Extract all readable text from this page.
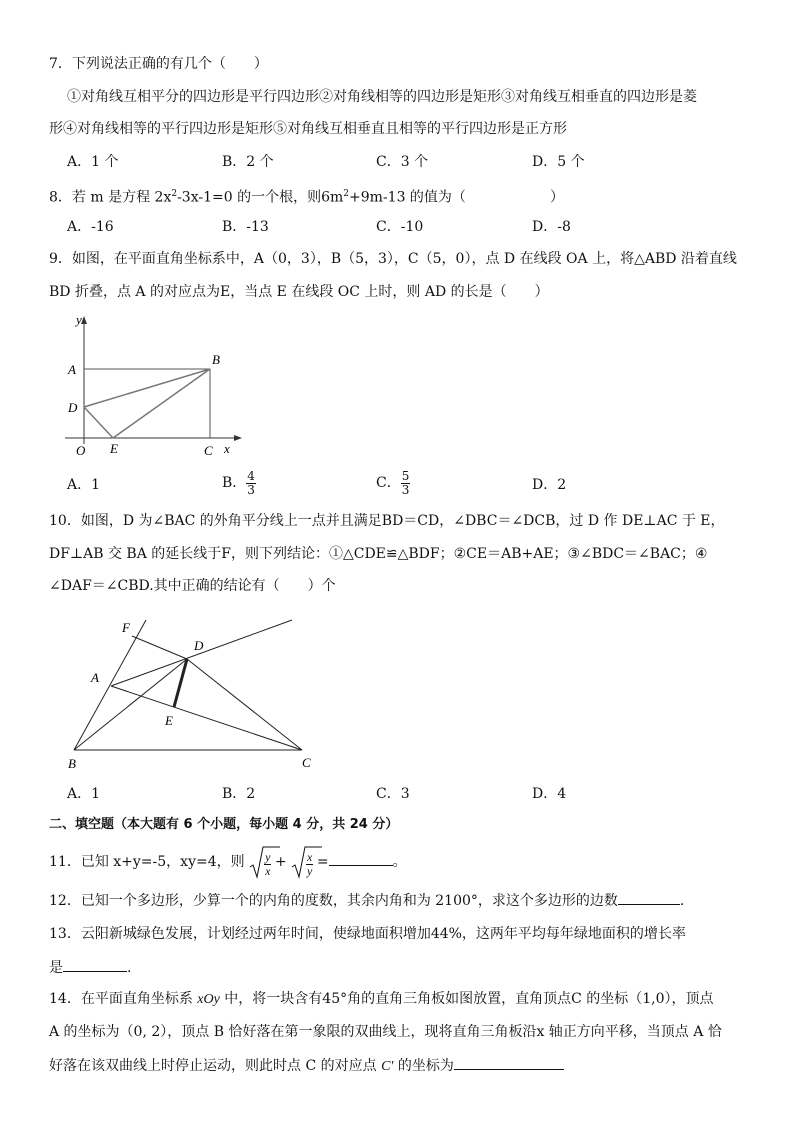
7．下列说法正确的有几个（　　）
①对角线互相平分的四边形是平行四边形②对角线相等的四边形是矩形③对角线互相垂直的四边形是菱
形④对角线相等的平行四边形是矩形⑤对角线互相垂直且相等的平行四边形是正方形
A．1 个	B．2 个	C．3 个	D．5 个
8．若 m 是方程 $2x^2-3x-1=0$ 的一个根，则$6m^2+9m-13$ 的值为（	）
A．-16	B．-13	C．-10	D．-8
9．如图，在平面直角坐标系中，A（0，3），B（5，3），C（5，0），点 D 在线段 OA 上，将△ABD 沿着直线
BD 折叠，点 A 的对应点为E，当点 E 在线段 OC 上时，则 AD 的长是（　　）
y
A
B
D
O E	C x
A．1	B． $\frac{4}{3}$	C． $\frac{5}{3}$	D．2
10．如图，D 为∠BAC 的外角平分线上一点并且满足BD＝CD，∠DBC＝∠DCB，过 D 作 DE⊥AC 于 E，
DF⊥AB 交 BA 的延长线于F，则下列结论：①△CDE≌△BDF；②CE＝AB+AE；③∠BDC＝∠BAC；④
∠DAF＝∠CBD.其中正确的结论有（　　）个
F
D
A
E
B	C
A．1	B．2	C．3	D．4
二、填空题（本大题有 6 个小题，每小题 4 分，共 24 分）
11．已知 x+y=-5，xy=4，则 $\frac{y}{x} + \frac{x}{y}$ =	。
12．已知一个多边形，少算一个的内角的度数，其余内角和为 2100°，求这个多边形的边数	.
13．云阳新城绿色发展，计划经过两年时间，使绿地面积增加44%，这两年平均每年绿地面积的增长率
是	.
14．在平面直角坐标系 xOy 中，将一块含有45°角的直角三角板如图放置，直角顶点C 的坐标（1,0），顶点
A 的坐标为（0, 2），顶点 B 恰好落在第一象限的双曲线上，现将直角三角板沿x 轴正方向平移，当顶点 A 恰
好落在该双曲线上时停止运动，则此时点 C 的对应点 C' 的坐标为
